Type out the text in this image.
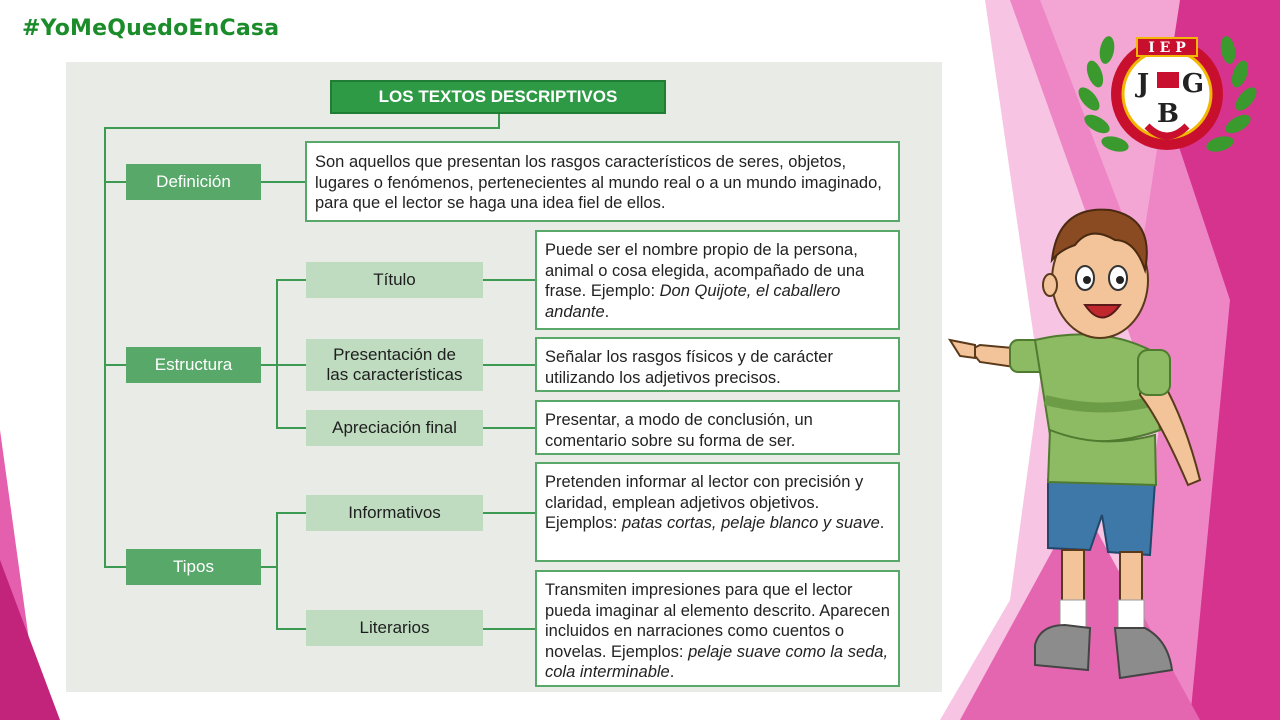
#YoMeQuedoEnCasa
LOS TEXTOS DESCRIPTIVOS
Definición
Estructura
Tipos
Son aquellos que presentan los rasgos característicos de seres, objetos, lugares o fenómenos, pertenecientes al mundo real o a un mundo imaginado, para que el lector se haga una idea fiel de ellos.
Título
Presentación de
las características
Apreciación final
Puede ser el nombre propio de la persona, animal o cosa elegida, acompañado de una frase. Ejemplo: Don Quijote, el caballero andante.
Señalar los rasgos físicos y de carácter utilizando los adjetivos precisos.
Presentar, a modo de conclusión, un comentario sobre su forma de ser.
Informativos
Literarios
Pretenden informar al lector con precisión y claridad, emplean adjetivos objetivos. Ejemplos: patas cortas, pelaje blanco y suave.
Transmiten impresiones para que el lector pueda imaginar al elemento descrito. Aparecen incluidos en narraciones como cuentos o novelas. Ejemplos: pelaje suave como la seda, cola interminable.
I E P
J G
B
